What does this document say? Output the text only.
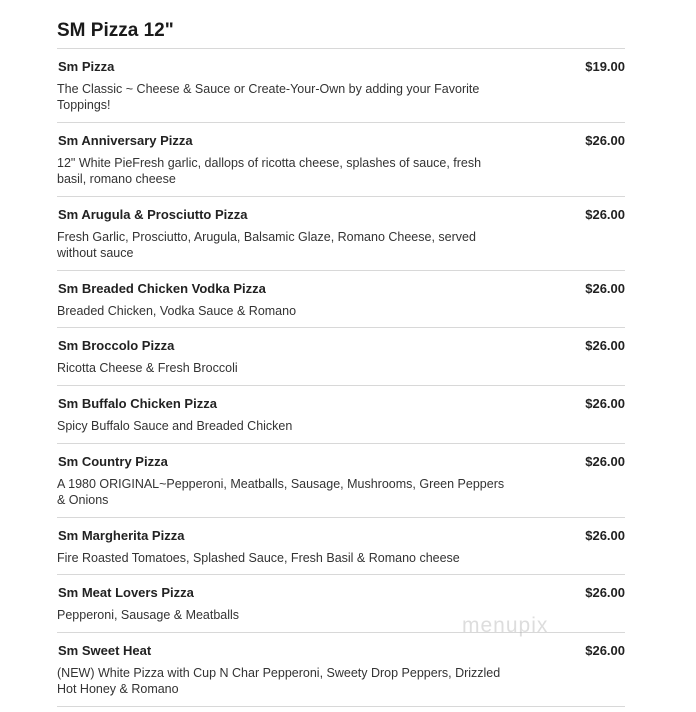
SM Pizza 12"
Sm Pizza	$19.00
The Classic ~ Cheese & Sauce or Create-Your-Own by adding your Favorite Toppings!
Sm Anniversary Pizza	$26.00
12" White PieFresh garlic, dallops of ricotta cheese, splashes of sauce, fresh basil, romano cheese
Sm Arugula & Prosciutto Pizza	$26.00
Fresh Garlic, Prosciutto, Arugula, Balsamic Glaze, Romano Cheese, served without sauce
Sm Breaded Chicken Vodka Pizza	$26.00
Breaded Chicken, Vodka Sauce & Romano
Sm Broccolo Pizza	$26.00
Ricotta Cheese & Fresh Broccoli
Sm Buffalo Chicken Pizza	$26.00
Spicy Buffalo Sauce and Breaded Chicken
Sm Country Pizza	$26.00
A 1980 ORIGINAL~Pepperoni, Meatballs, Sausage, Mushrooms, Green Peppers & Onions
Sm Margherita Pizza	$26.00
Fire Roasted Tomatoes, Splashed Sauce, Fresh Basil & Romano cheese
Sm Meat Lovers Pizza	$26.00
Pepperoni, Sausage & Meatballs
Sm Sweet Heat	$26.00
(NEW) White Pizza with Cup N Char Pepperoni, Sweety Drop Peppers, Drizzled Hot Honey & Romano
menupix
